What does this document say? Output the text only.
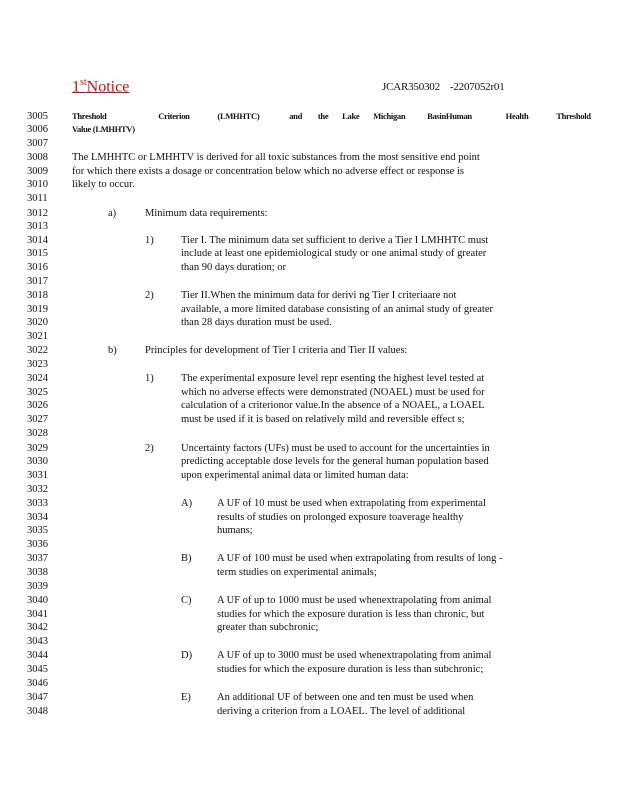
1stNotice	JCAR350302 -2207052r01
3005
3006
3007
3008
3009
3010
3011
3012
3013
3014
3015
3016
3017
3018
3019
3020
3021
3022
3023
3024
3025
3026
3027
3028
3029
3030
3031
3032
3033
3034
3035
3036
3037
3038
3039
3040
3041
3042
3043
3044
3045
3046
3047
3048
Threshold	Criterion	(LMHHTC)	and the Lake Michigan	BasinHuman	Health	Threshold
Value (LMHHTV)
The LMHHTC or LMHHTV is derived for all toxic substances from the most sensitive end point
for which there exists a dosage or concentration below which no adverse effect or response is
likely to occur.
a)	Minimum data requirements:
1)	Tier I. The minimum data set sufficient to derive a Tier I LMHHTC must
include at least one epidemiological study or one animal study of greater
than 90 days duration; or
2)	Tier II.When the minimum data for derivi ng Tier I criteriaare not
available, a more limited database consisting of an animal study of greater
than 28 days duration must be used.
b)	Principles for development of Tier I criteria and Tier II values:
1)	The experimental exposure level repr esenting the highest level tested at
which no adverse effects were demonstrated (NOAEL) must be used for
calculation of a criterionor value.In the absence of a NOAEL, a LOAEL
must be used if it is based on relatively mild and reversible effect s;
2)	Uncertainty factors (UFs) must be used to account for the uncertainties in
predicting acceptable dose levels for the general human population based
upon experimental animal data or limited human data:
A) A UF of 10 must be used when extrapolating from experimental
results of studies on prolonged exposure toaverage healthy
humans;
B) A UF of 100 must be used when extrapolating from results of long -
term studies on experimental animals;
C) A UF of up to 1000 must be used whenextrapolating from animal
studies for which the exposure duration is less than chronic, but
greater than subchronic;
D) A UF of up to 3000 must be used whenextrapolating from animal
studies for which the exposure duration is less than subchronic;
E) An additional UF of between one and ten must be used when
deriving a criterion from a LOAEL. The level of additional
